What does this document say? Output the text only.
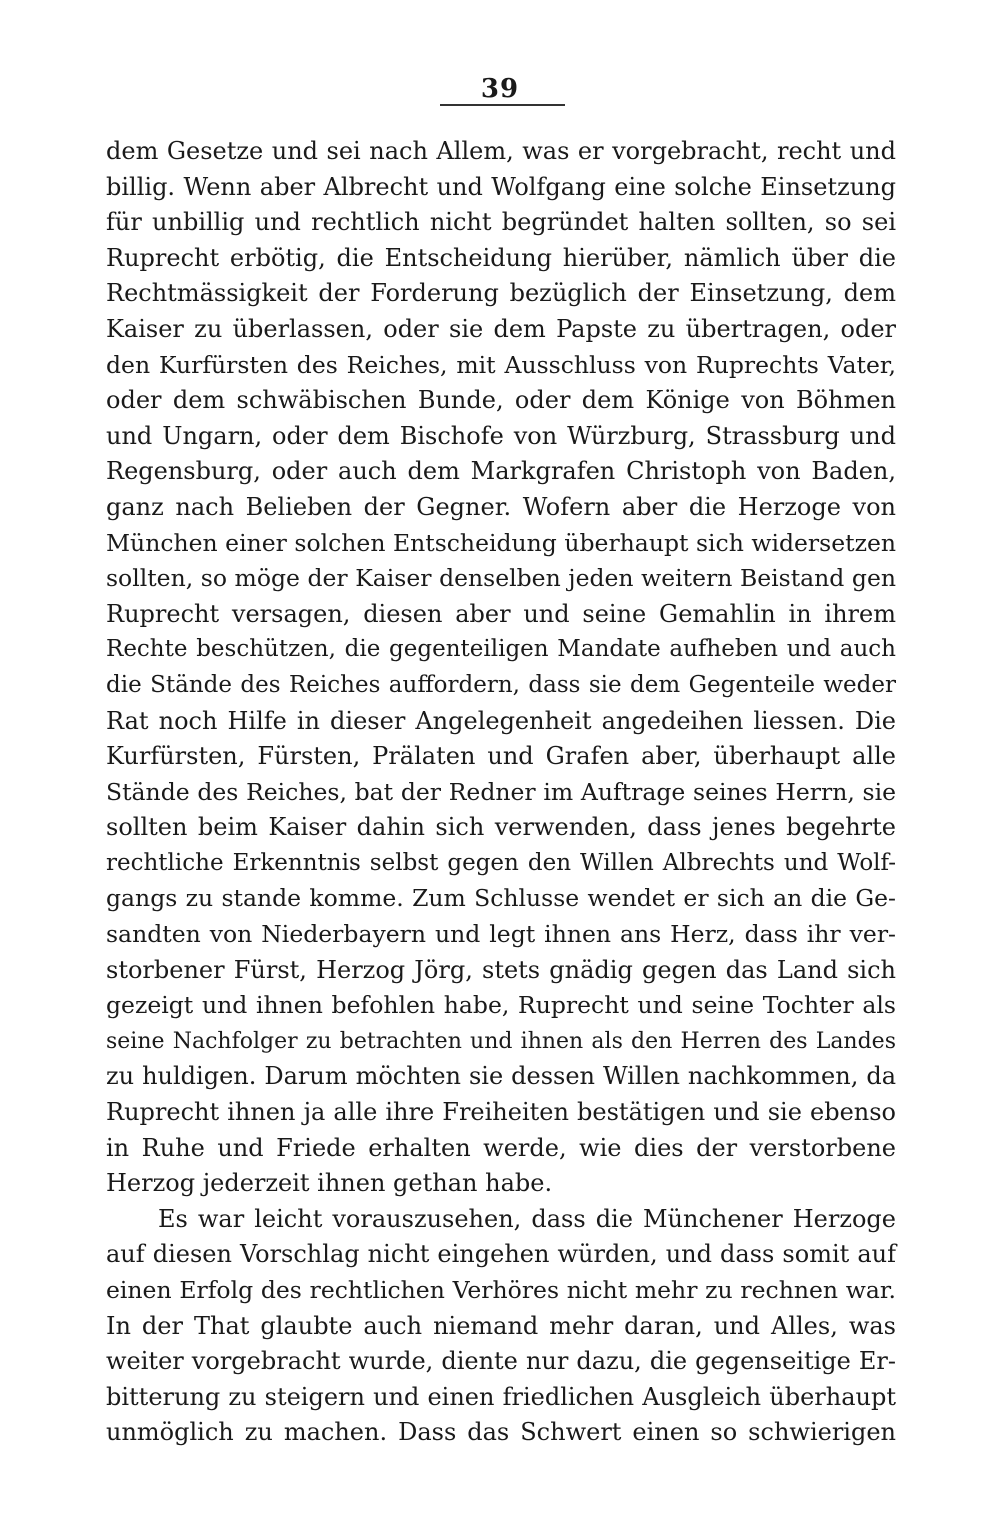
39
dem Gesetze und sei nach Allem, was er vorgebracht, recht und
billig. Wenn aber Albrecht und Wolfgang eine solche Einsetzung
für unbillig und rechtlich nicht begründet halten sollten, so sei
Ruprecht erbötig, die Entscheidung hierüber, nämlich über die
Rechtmässigkeit der Forderung bezüglich der Einsetzung, dem
Kaiser zu überlassen, oder sie dem Papste zu übertragen, oder
den Kurfürsten des Reiches, mit Ausschluss von Ruprechts Vater,
oder dem schwäbischen Bunde, oder dem Könige von Böhmen
und Ungarn, oder dem Bischofe von Würzburg, Strassburg und
Regensburg, oder auch dem Markgrafen Christoph von Baden,
ganz nach Belieben der Gegner. Wofern aber die Herzoge von
München einer solchen Entscheidung überhaupt sich widersetzen
sollten, so möge der Kaiser denselben jeden weitern Beistand gen
Ruprecht versagen, diesen aber und seine Gemahlin in ihrem
Rechte beschützen, die gegenteiligen Mandate aufheben und auch
die Stände des Reiches auffordern, dass sie dem Gegenteile weder
Rat noch Hilfe in dieser Angelegenheit angedeihen liessen. Die
Kurfürsten, Fürsten, Prälaten und Grafen aber, überhaupt alle
Stände des Reiches, bat der Redner im Auftrage seines Herrn, sie
sollten beim Kaiser dahin sich verwenden, dass jenes begehrte
rechtliche Erkenntnis selbst gegen den Willen Albrechts und Wolf-
gangs zu stande komme. Zum Schlusse wendet er sich an die Ge-
sandten von Niederbayern und legt ihnen ans Herz, dass ihr ver-
storbener Fürst, Herzog Jörg, stets gnädig gegen das Land sich
gezeigt und ihnen befohlen habe, Ruprecht und seine Tochter als
seine Nachfolger zu betrachten und ihnen als den Herren des Landes
zu huldigen. Darum möchten sie dessen Willen nachkommen, da
Ruprecht ihnen ja alle ihre Freiheiten bestätigen und sie ebenso
in Ruhe und Friede erhalten werde, wie dies der verstorbene
Herzog jederzeit ihnen gethan habe.
Es war leicht vorauszusehen, dass die Münchener Herzoge
auf diesen Vorschlag nicht eingehen würden, und dass somit auf
einen Erfolg des rechtlichen Verhöres nicht mehr zu rechnen war.
In der That glaubte auch niemand mehr daran, und Alles, was
weiter vorgebracht wurde, diente nur dazu, die gegenseitige Er-
bitterung zu steigern und einen friedlichen Ausgleich überhaupt
unmöglich zu machen. Dass das Schwert einen so schwierigen
